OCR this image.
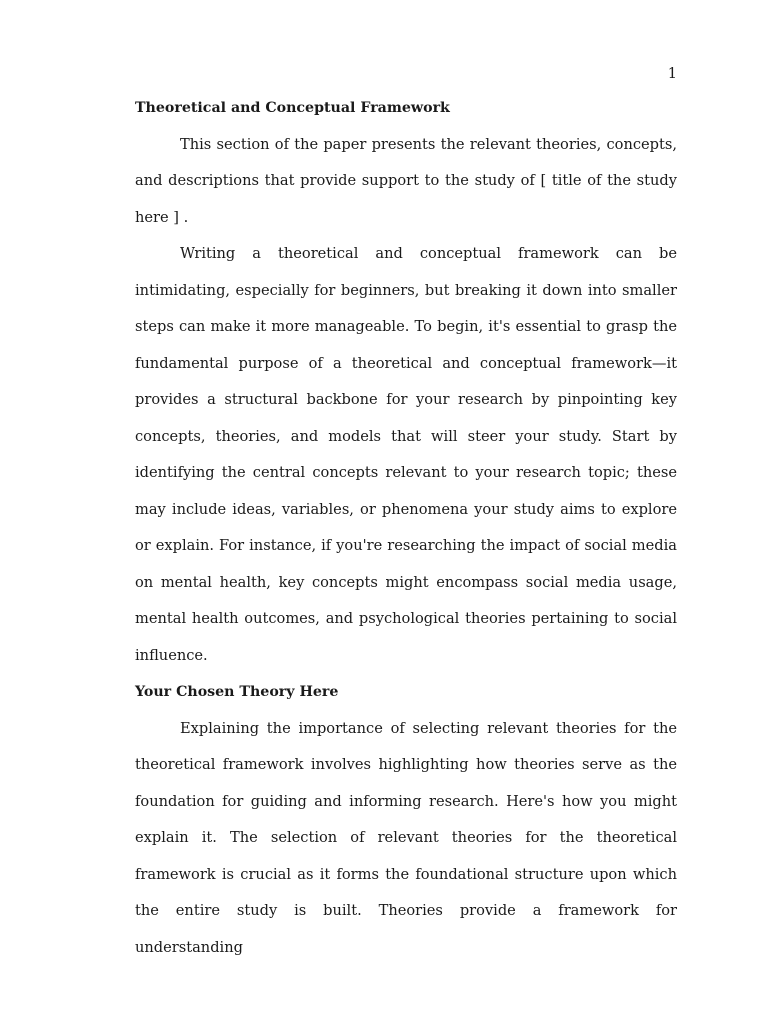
1

Theoretical and Conceptual Framework

This section of the paper presents the relevant theories, concepts, and descriptions that provide support to the study of [ title of the study here ] .

Writing a theoretical and conceptual framework can be intimidating, especially for beginners, but breaking it down into smaller steps can make it more manageable. To begin, it's essential to grasp the fundamental purpose of a theoretical and conceptual framework—it provides a structural backbone for your research by pinpointing key concepts, theories, and models that will steer your study. Start by identifying the central concepts relevant to your research topic; these may include ideas, variables, or phenomena your study aims to explore or explain. For instance, if you're researching the impact of social media on mental health, key concepts might encompass social media usage, mental health outcomes, and psychological theories pertaining to social influence.

Your Chosen Theory Here

Explaining the importance of selecting relevant theories for the theoretical framework involves highlighting how theories serve as the foundation for guiding and informing research. Here's how you might explain it. The selection of relevant theories for the theoretical framework is crucial as it forms the foundational structure upon which the entire study is built. Theories provide a framework for understanding
